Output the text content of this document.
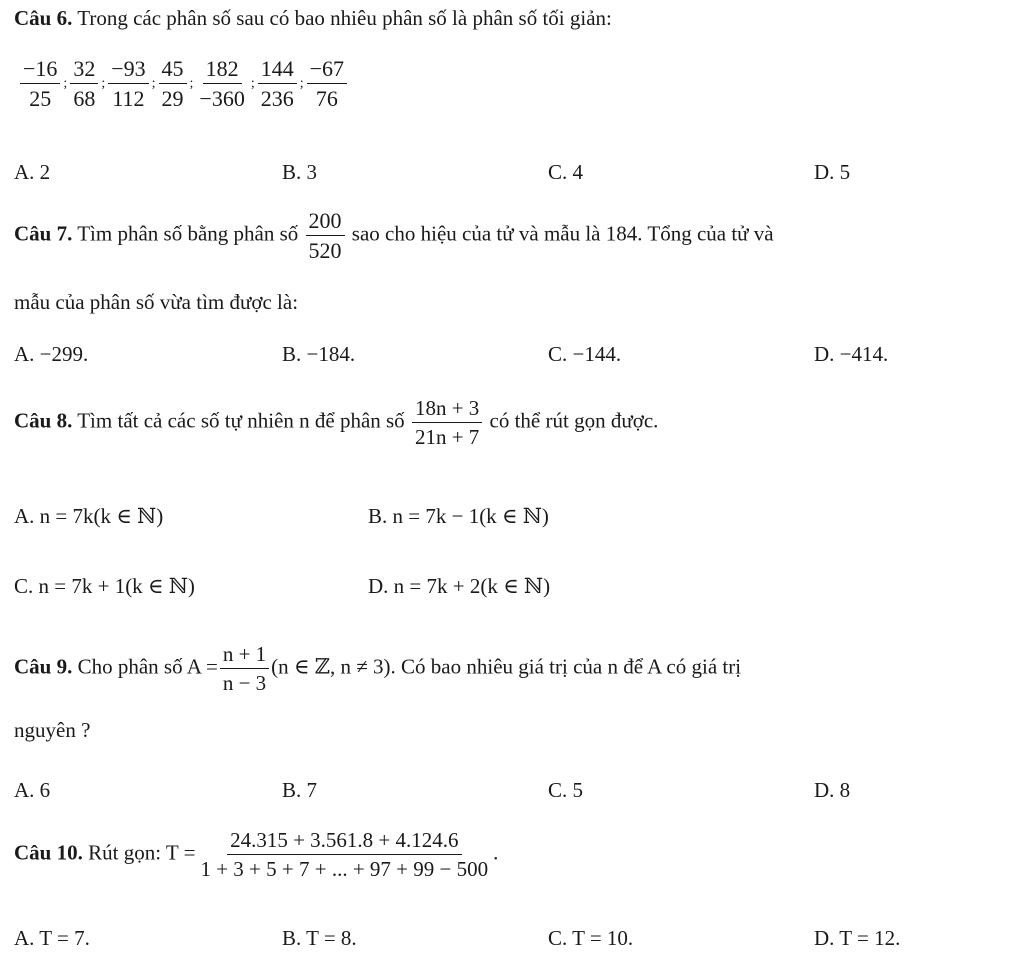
Câu 6. Trong các phân số sau có bao nhiêu phân số là phân số tối giản:
$\frac{-16}{25}$ ; $\frac{32}{68}$ ; $\frac{-93}{112}$ ; $\frac{45}{29}$ ; $\frac{182}{-360}$ ; $\frac{144}{236}$ ; $\frac{-67}{76}$
A. 2	B. 3	C. 4	D. 5
Câu 7. Tìm phân số bằng phân số $\frac{200}{520}$ sao cho hiệu của tử và mẫu là 184. Tổng của tử và
mẫu của phân số vừa tìm được là:
A. −299.	B. −184.	C. −144.	D. −414.
Câu 8. Tìm tất cả các số tự nhiên n để phân số $\frac{18n + 3}{21n + 7}$ có thể rút gọn được.
A. n = 7k(k ∈ ℕ)	B. n = 7k − 1(k ∈ ℕ)
C. n = 7k + 1(k ∈ ℕ)	D. n = 7k + 2(k ∈ ℕ)
Câu 9. Cho phân số $A = \frac{n + 1}{n - 3} (n$ ∈ ℤ, n ≠ 3). Có bao nhiêu giá trị của n để A có giá trị
nguyên ?
A. 6	B. 7	C. 5	D. 8
Câu 10. Rút gọn: $T = \frac{24.315 + 3.561.8 + 4.124.6}{1 + 3 + 5 + 7 + ... + 97 + 99 - 500}$ .
A. T = 7.	B. T = 8.	C. T = 10.	D. T = 12.
